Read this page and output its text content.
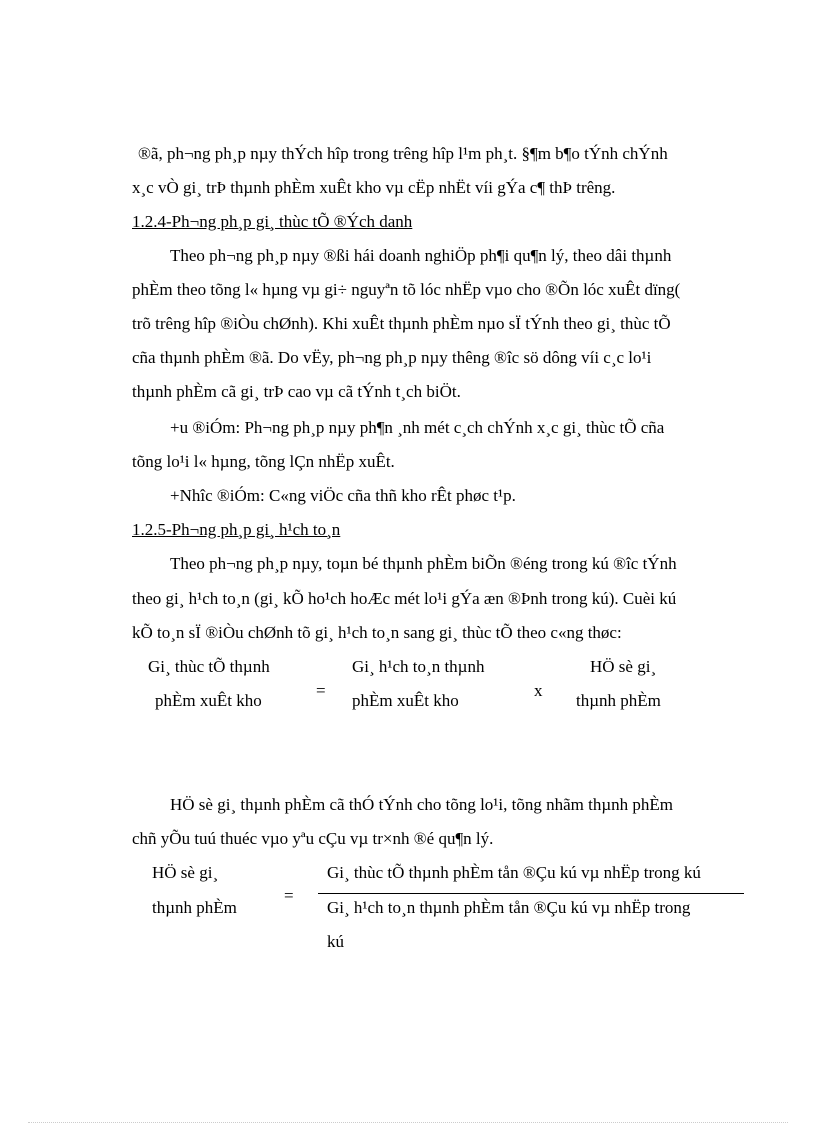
®ã, ph¬ng ph¸p nµy thÝch hîp trong trêng hîp l¹m ph¸t. §¶m b¶o tÝnh chÝnh
x¸c vÒ gi¸ trÞ thµnh phÈm xuÊt kho vµ cËp nhËt víi gÝa c¶ thÞ trêng.
1.2.4-Ph¬ng ph¸p gi¸ thùc tÕ ®Ých danh
Theo ph¬ng ph¸p nµy ®ßi hái doanh nghiÖp ph¶i qu¶n lý, theo dâi thµnh
phÈm theo tõng l« hµng vµ gi÷ nguyªn tõ lóc nhËp vµo cho ®Õn lóc xuÊt dïng(
trõ trêng hîp ®iÒu chØnh). Khi xuÊt thµnh phÈm nµo sÏ tÝnh theo gi¸ thùc tÕ
cña thµnh phÈm ®ã. Do vËy, ph¬ng ph¸p nµy thêng ®îc sö dông víi c¸c lo¹i
thµnh phÈm cã gi¸ trÞ cao vµ cã tÝnh t¸ch biÖt.
+u ®iÓm: Ph¬ng ph¸p nµy ph¶n ¸nh mét c¸ch chÝnh x¸c gi¸ thùc tÕ cña
tõng lo¹i l« hµng, tõng lÇn nhËp xuÊt.
+Nhîc ®iÓm: C«ng viÖc cña thñ kho rÊt phøc t¹p.
1.2.5-Ph¬ng ph¸p gi¸ h¹ch to¸n
Theo ph¬ng ph¸p nµy, toµn bé thµnh phÈm biÕn ®éng trong kú ®îc tÝnh
theo gi¸ h¹ch to¸n (gi¸ kÕ ho¹ch hoÆc mét lo¹i gÝa æn ®Þnh trong kú). Cuèi kú
kÕ to¸n sÏ ®iÒu chØnh tõ gi¸ h¹ch to¸n sang gi¸ thùc tÕ theo c«ng thøc:
Gi¸ thùc tÕ thµnh
phÈm xuÊt kho
=
Gi¸ h¹ch to¸n thµnh
phÈm xuÊt kho
x
HÖ sè gi¸
thµnh phÈm
HÖ sè gi¸ thµnh phÈm cã thÓ tÝnh cho tõng lo¹i, tõng nhãm thµnh phÈm
chñ yÕu tuú thuéc vµo yªu cÇu vµ tr×nh ®é qu¶n lý.
HÖ sè gi¸
thµnh phÈm
=
Gi¸ thùc tÕ thµnh phÈm tån ®Çu kú vµ nhËp trong kú
Gi¸ h¹ch to¸n thµnh phÈm tån ®Çu kú vµ nhËp trong
kú
